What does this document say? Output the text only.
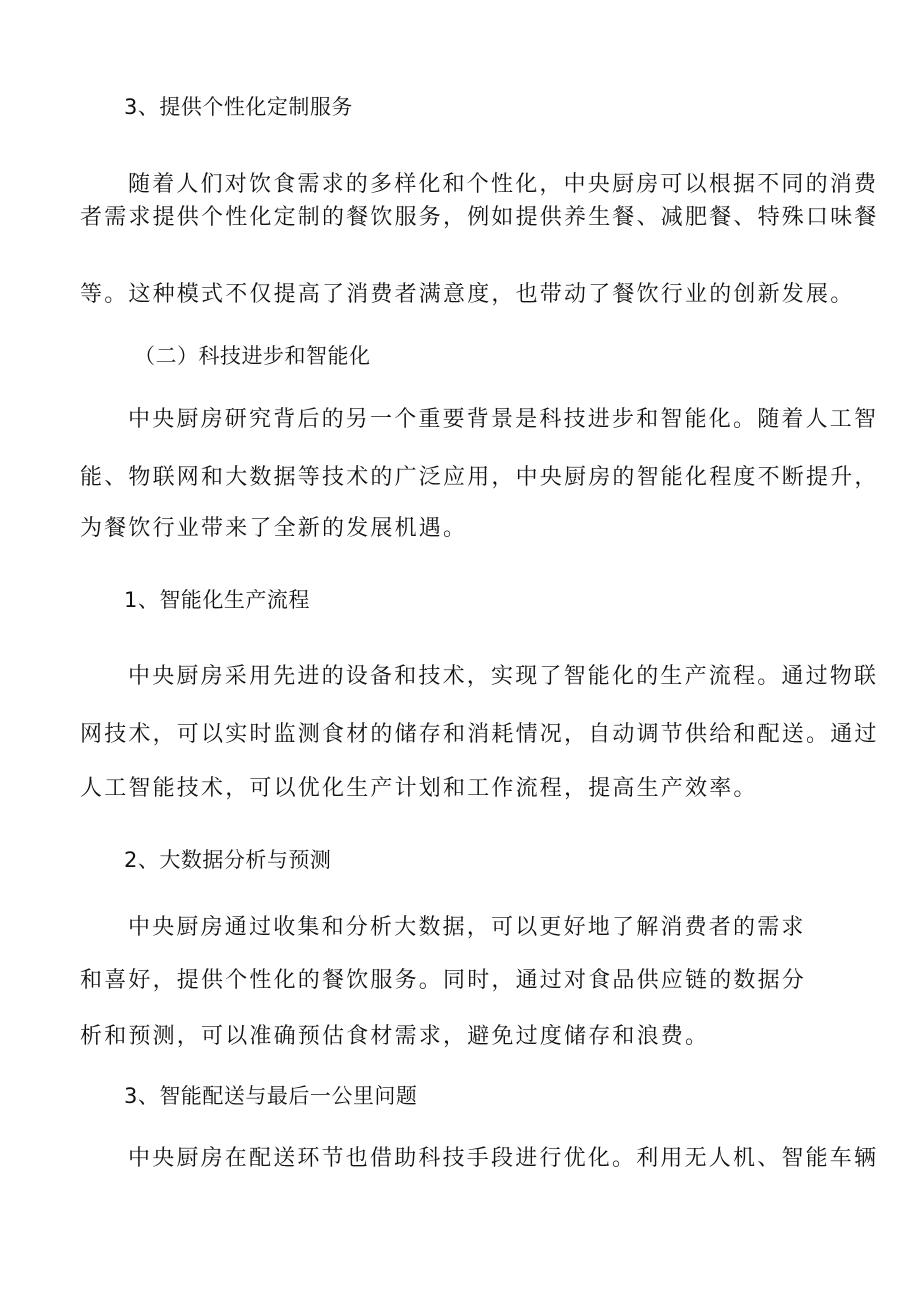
3、提供个性化定制服务
随着人们对饮食需求的多样化和个性化，中央厨房可以根据不同的消费
者需求提供个性化定制的餐饮服务，例如提供养生餐、减肥餐、特殊口味餐
等。这种模式不仅提高了消费者满意度，也带动了餐饮行业的创新发展。
（二）科技进步和智能化
中央厨房研究背后的另一个重要背景是科技进步和智能化。随着人工智
能、物联网和大数据等技术的广泛应用，中央厨房的智能化程度不断提升，
为餐饮行业带来了全新的发展机遇。
1、智能化生产流程
中央厨房采用先进的设备和技术，实现了智能化的生产流程。通过物联
网技术，可以实时监测食材的储存和消耗情况，自动调节供给和配送。通过
人工智能技术，可以优化生产计划和工作流程，提高生产效率。
2、大数据分析与预测
中央厨房通过收集和分析大数据，可以更好地了解消费者的需求
和喜好，提供个性化的餐饮服务。同时，通过对食品供应链的数据分
析和预测，可以准确预估食材需求，避免过度储存和浪费。
3、智能配送与最后一公里问题
中央厨房在配送环节也借助科技手段进行优化。利用无人机、智能车辆
